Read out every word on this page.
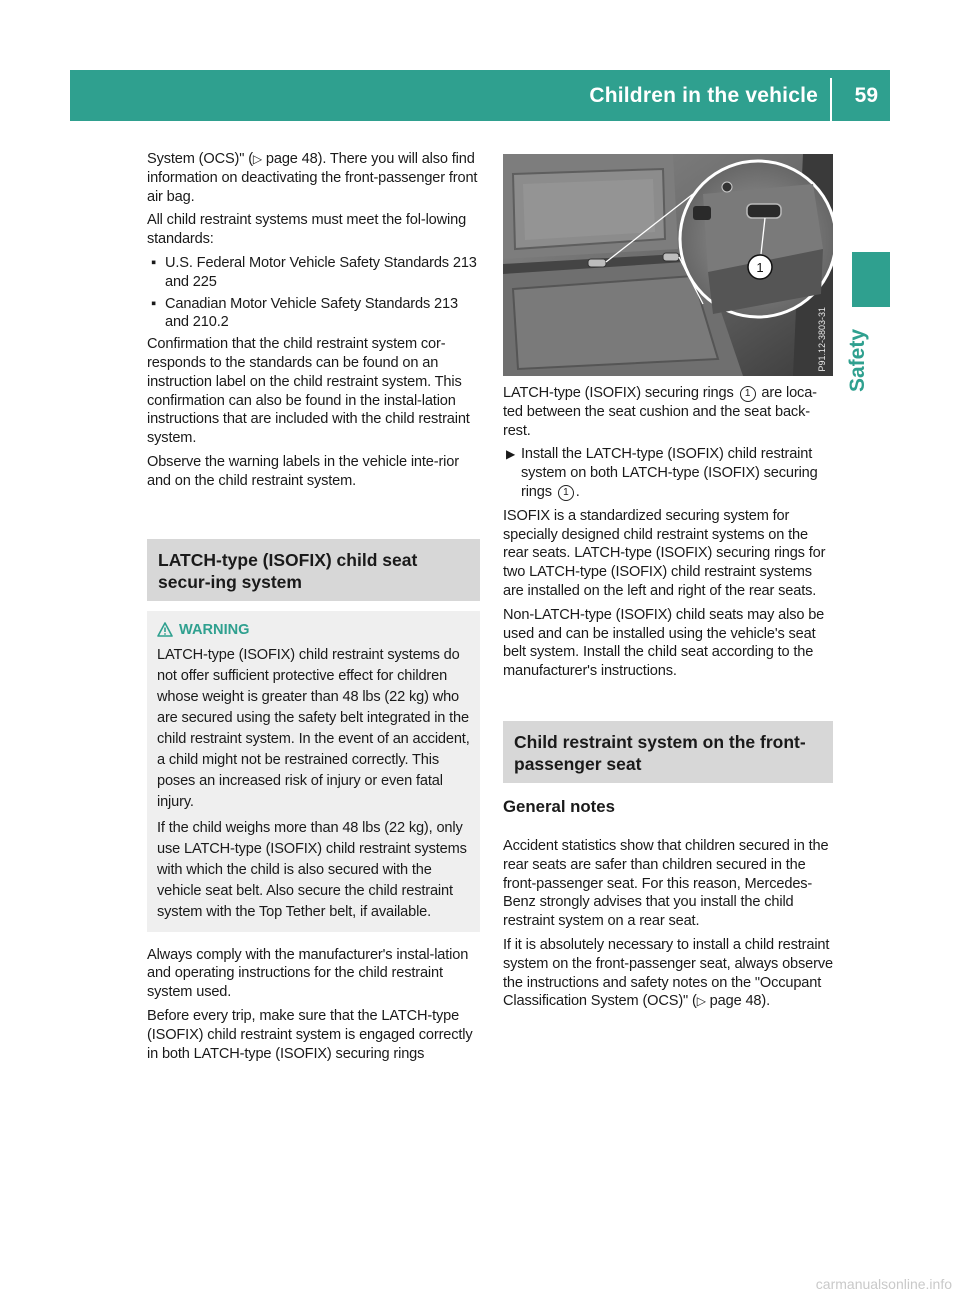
Children in the vehicle 59
Safety

System (OCS)" (▷ page 48). There you will also find information on deactivating the front-passenger front air bag.

All child restraint systems must meet the fol-lowing standards:

▪ U.S. Federal Motor Vehicle Safety Standards 213 and 225
▪ Canadian Motor Vehicle Safety Standards 213 and 210.2

Confirmation that the child restraint system cor-responds to the standards can be found on an instruction label on the child restraint system. This confirmation can also be found in the instal-lation instructions that are included with the child restraint system.

Observe the warning labels in the vehicle inte-rior and on the child restraint system.

LATCH-type (ISOFIX) child seat secur-ing system
WARNING

LATCH-type (ISOFIX) child restraint systems do not offer sufficient protective effect for children whose weight is greater than 48 lbs (22 kg) who are secured using the safety belt integrated in the child restraint system. In the event of an accident, a child might not be restrained correctly. This poses an increased risk of injury or even fatal injury.

If the child weighs more than 48 lbs (22 kg), only use LATCH-type (ISOFIX) child restraint systems with which the child is also secured with the vehicle seat belt. Also secure the child restraint system with the Top Tether belt, if available.

Always comply with the manufacturer's instal-lation and operating instructions for the child restraint system used.

Before every trip, make sure that the LATCH-type (ISOFIX) child restraint system is engaged correctly in both LATCH-type (ISOFIX) securing rings

1
P91.12-3803-31

LATCH-type (ISOFIX) securing rings 1 are loca-ted between the seat cushion and the seat back-rest.

▶ Install the LATCH-type (ISOFIX) child restraint system on both LATCH-type (ISOFIX) securing rings 1 .

ISOFIX is a standardized securing system for specially designed child restraint systems on the rear seats. LATCH-type (ISOFIX) securing rings for two LATCH-type (ISOFIX) child restraint systems are installed on the left and right of the rear seats.

Non-LATCH-type (ISOFIX) child seats may also be used and can be installed using the vehicle's seat belt system. Install the child seat according to the manufacturer's instructions.

Child restraint system on the front-passenger seat
General notes

Accident statistics show that children secured in the rear seats are safer than children secured in the front-passenger seat. For this reason, Mercedes-Benz strongly advises that you install the child restraint system on a rear seat.

If it is absolutely necessary to install a child restraint system on the front-passenger seat, always observe the instructions and safety notes on the "Occupant Classification System (OCS)" (▷ page 48).

carmanualsonline.info
